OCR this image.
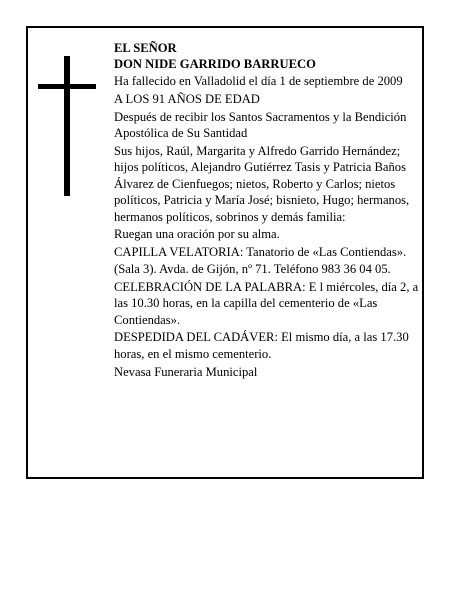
EL SEÑOR

DON NIDE GARRIDO BARRUECO

Ha fallecido en Valladolid el día 1 de septiembre de 2009

A LOS 91 AÑOS DE EDAD

Después de recibir los Santos Sacramentos y la Bendición Apostólica de Su Santidad

Sus hijos, Raúl, Margarita y Alfredo Garrido Hernández; hijos políticos, Alejandro Gutiérrez Tasis y Patricia Baños Álvarez de Cienfuegos; nietos, Roberto y Carlos; nietos políticos, Patricia y María José; bisnieto, Hugo; hermanos, hermanos políticos, sobrinos y demás familia:

Ruegan una oración por su alma.

CAPILLA VELATORIA: Tanatorio de «Las Contiendas». (Sala 3). Avda. de Gijón, nº 71. Teléfono 983 36 04 05.

CELEBRACIÓN DE LA PALABRA: E l miércoles, día 2, a las 10.30 horas, en la capilla del cementerio de «Las Contiendas».

DESPEDIDA DEL CADÁVER: El mismo día, a las 17.30 horas, en el mismo cementerio.

Nevasa Funeraria Municipal
